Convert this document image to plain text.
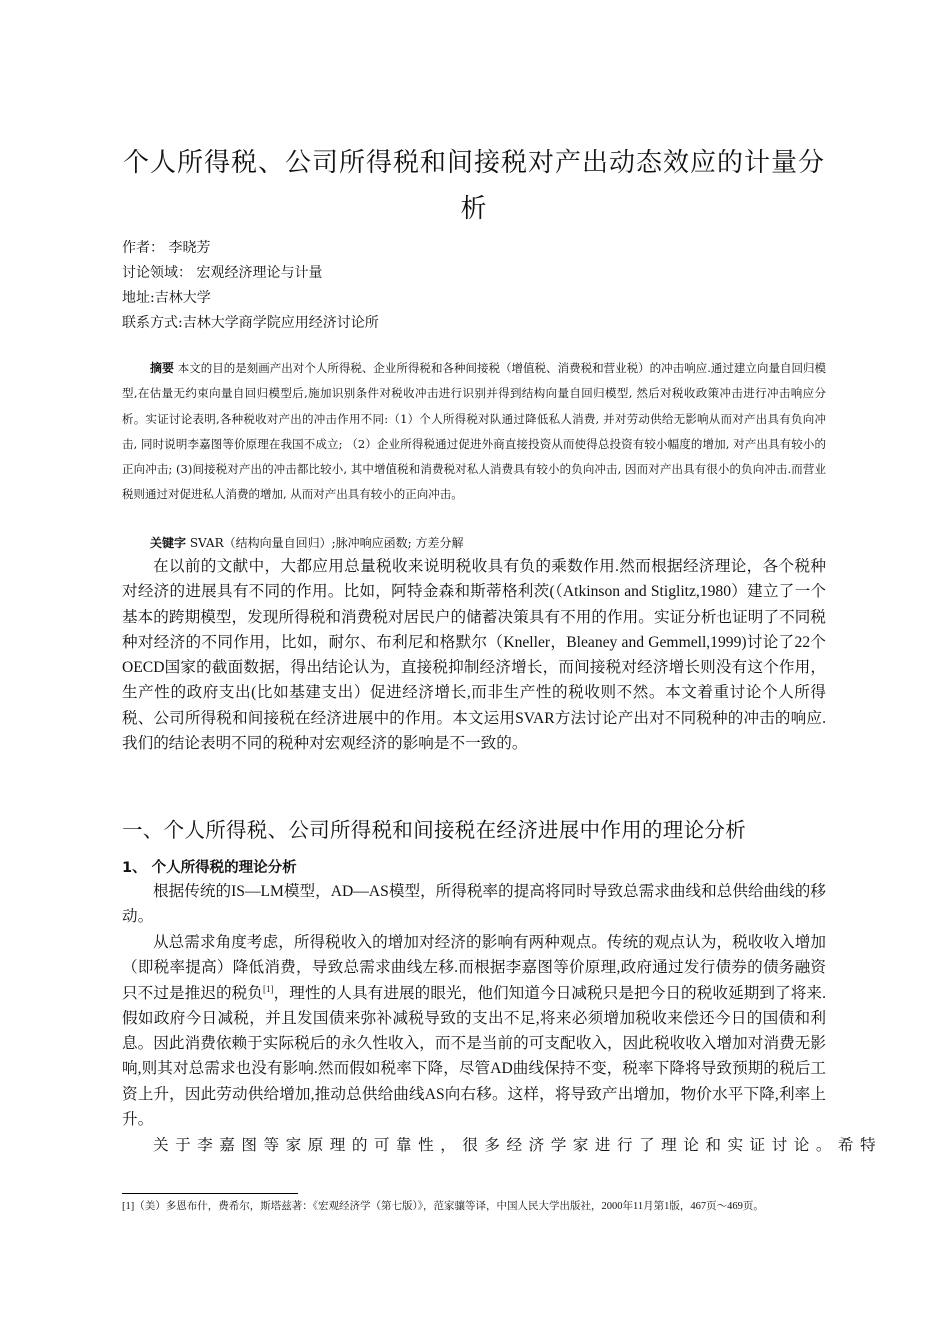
个人所得税、公司所得税和间接税对产出动态效应的计量分析
作者： 李晓芳
讨论领域： 宏观经济理论与计量
地址:吉林大学
联系方式:吉林大学商学院应用经济讨论所

摘要 本文的目的是刻画产出对个人所得税、企业所得税和各种间接税（增值税、消费税和营业税）的冲击响应.通过建立向量自回归模型,在估量无约束向量自回归模型后,施加识别条件对税收冲击进行识别并得到结构向量自回归模型, 然后对税收政策冲击进行冲击响应分析。实证讨论表明,各种税收对产出的冲击作用不同:（1）个人所得税对队通过降低私人消费, 并对劳动供给无影响从而对产出具有负向冲击, 同时说明李嘉图等价原理在我国不成立; （2）企业所得税通过促进外商直接投资从而使得总投资有较小幅度的增加, 对产出具有较小的正向冲击; (3)间接税对产出的冲击都比较小, 其中增值税和消费税对私人消费具有较小的负向冲击, 因而对产出具有很小的负向冲击.而营业税则通过对促进私人消费的增加, 从而对产出具有较小的正向冲击。

关键字 SVAR（结构向量自回归）;脉冲响应函数; 方差分解

在以前的文献中，大都应用总量税收来说明税收具有负的乘数作用.然而根据经济理论，各个税种对经济的进展具有不同的作用。比如，阿特金森和斯蒂格利茨(（Atkinson and Stiglitz,1980）建立了一个基本的跨期模型，发现所得税和消费税对居民户的储蓄决策具有不用的作用。实证分析也证明了不同税种对经济的不同作用，比如，耐尔、布利尼和格默尔（Kneller，Bleaney and Gemmell,1999)讨论了22个OECD国家的截面数据，得出结论认为，直接税抑制经济增长，而间接税对经济增长则没有这个作用，生产性的政府支出(比如基建支出）促进经济增长,而非生产性的税收则不然。本文着重讨论个人所得税、公司所得税和间接税在经济进展中的作用。本文运用SVAR方法讨论产出对不同税种的冲击的响应.我们的结论表明不同的税种对宏观经济的影响是不一致的。

一、个人所得税、公司所得税和间接税在经济进展中作用的理论分析
1、 个人所得税的理论分析

根据传统的IS—LM模型，AD—AS模型，所得税率的提高将同时导致总需求曲线和总供给曲线的移动。

从总需求角度考虑，所得税收入的增加对经济的影响有两种观点。传统的观点认为，税收收入增加（即税率提高）降低消费，导致总需求曲线左移.而根据李嘉图等价原理,政府通过发行债券的债务融资只不过是推迟的税负[1]，理性的人具有进展的眼光，他们知道今日减税只是把今日的税收延期到了将来.假如政府今日减税，并且发国债来弥补减税导致的支出不足,将来必须增加税收来偿还今日的国债和利息。因此消费依赖于实际税后的永久性收入，而不是当前的可支配收入，因此税收收入增加对消费无影响,则其对总需求也没有影响.然而假如税率下降，尽管AD曲线保持不变，税率下降将导致预期的税后工资上升，因此劳动供给增加,推动总供给曲线AS向右移。这样，将导致产出增加，物价水平下降,利率上升。

关于李嘉图等家原理的可靠性，很多经济学家进行了理论和实证讨论。希特

[1]（美）多恩布什，费希尔，斯塔兹著：《宏观经济学（第七版）》，范家骧等译，中国人民大学出版社，2000年11月第1版，467页～469页。
